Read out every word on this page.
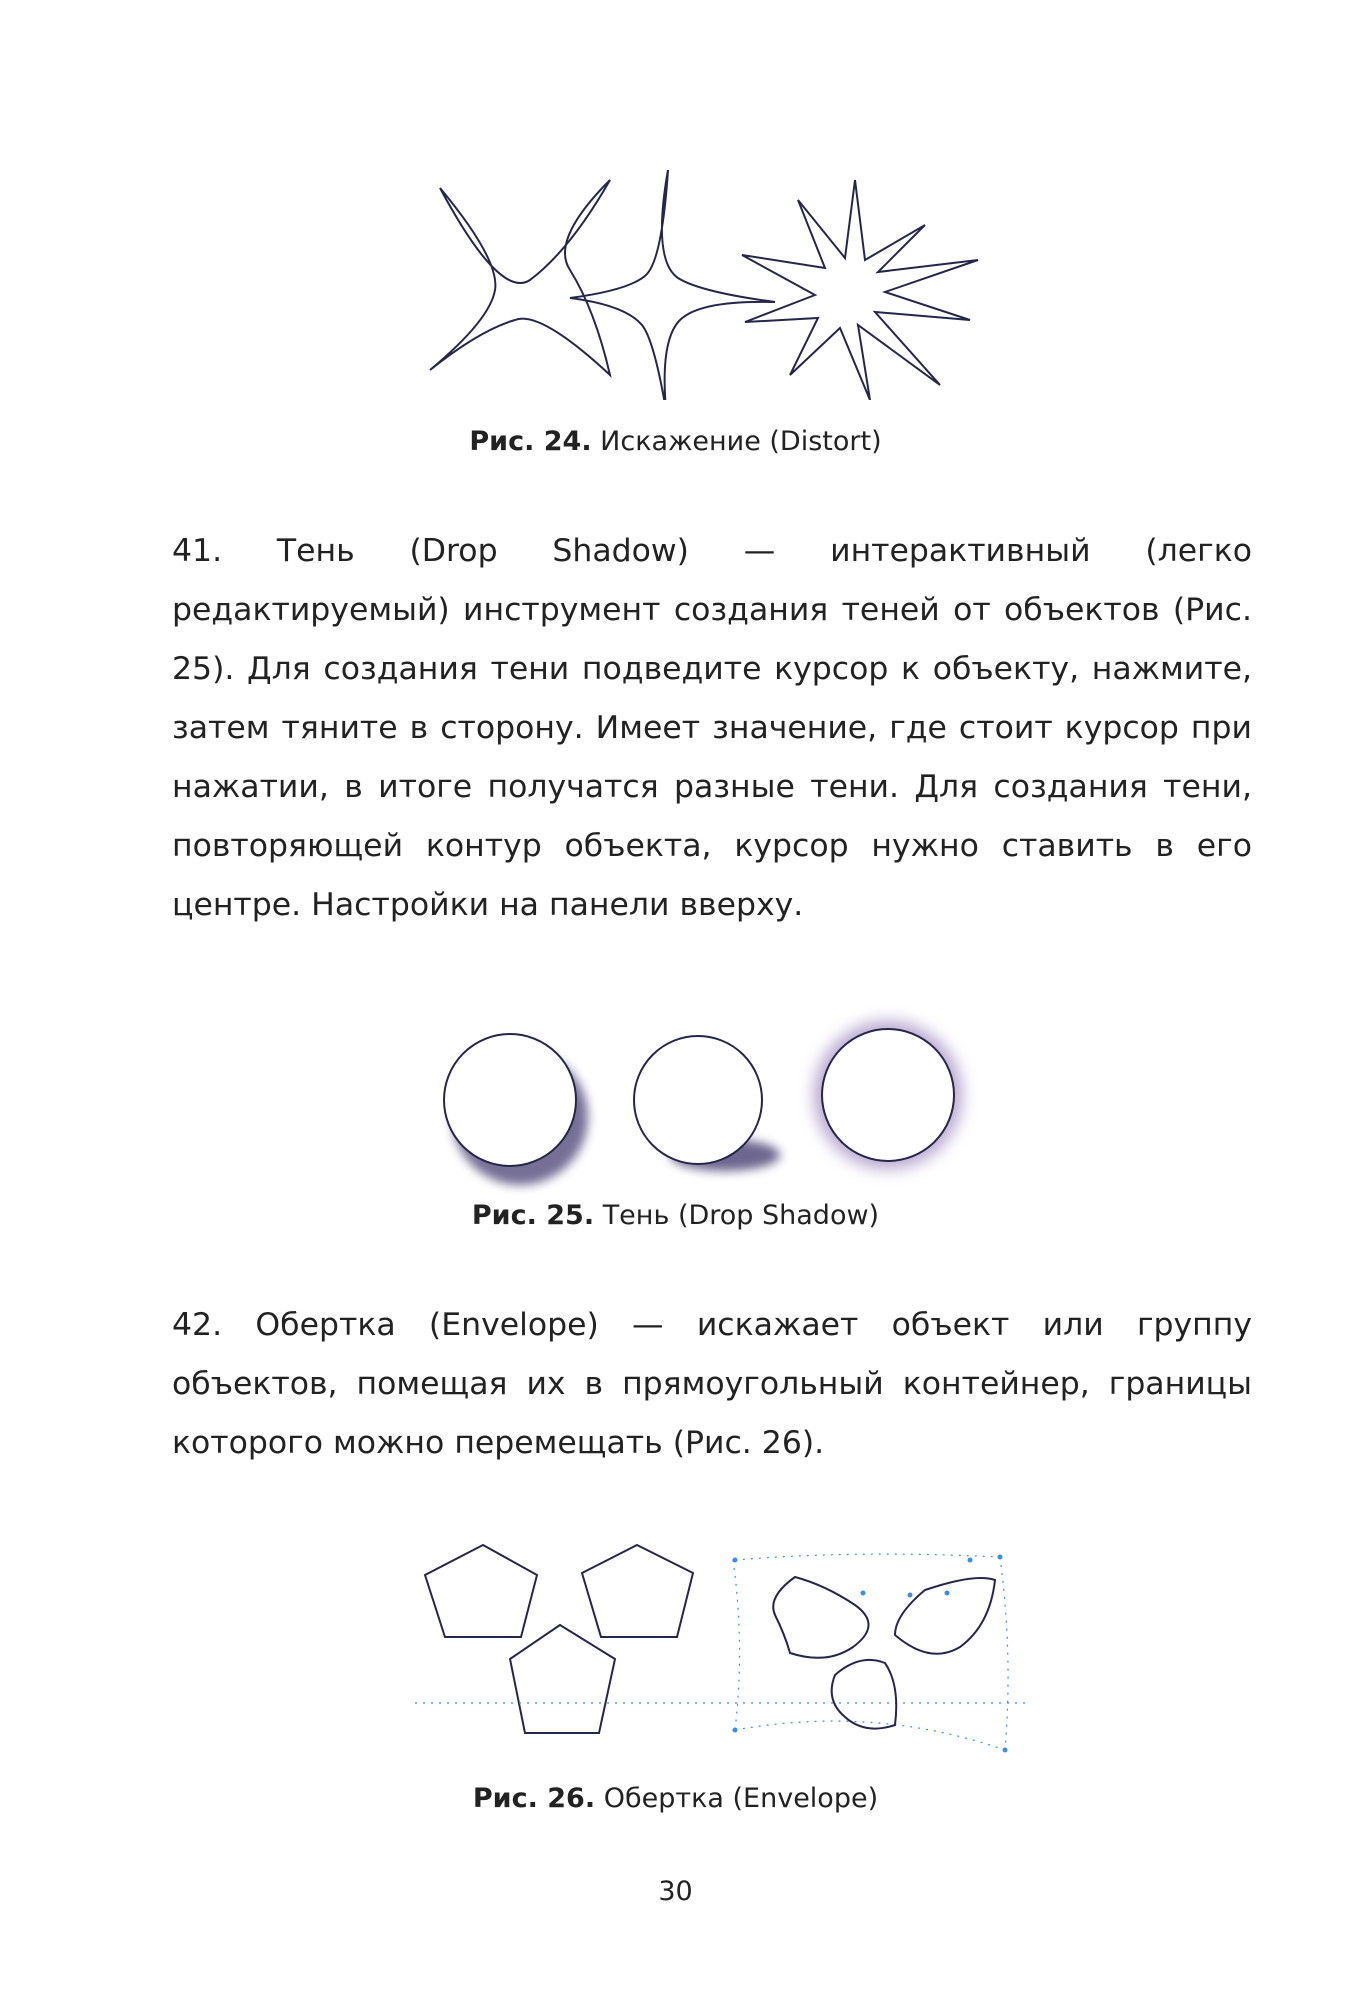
Рис. 24. Искажение (Distort)

41. Тень (Drop Shadow) — интерактивный (легко редактируемый) инструмент создания теней от объектов (Рис. 25). Для создания тени подведите курсор к объекту, нажмите, затем тяните в сторону. Имеет значение, где стоит курсор при нажатии, в итоге получатся разные тени. Для создания тени, повторяющей контур объекта, курсор нужно ставить в его центре. Настройки на панели вверху.

Рис. 25. Тень (Drop Shadow)

42. Обертка (Envelope) — искажает объект или группу объектов, помещая их в прямоугольный контейнер, границы которого можно перемещать (Рис. 26).

Рис. 26. Обертка (Envelope)
30
